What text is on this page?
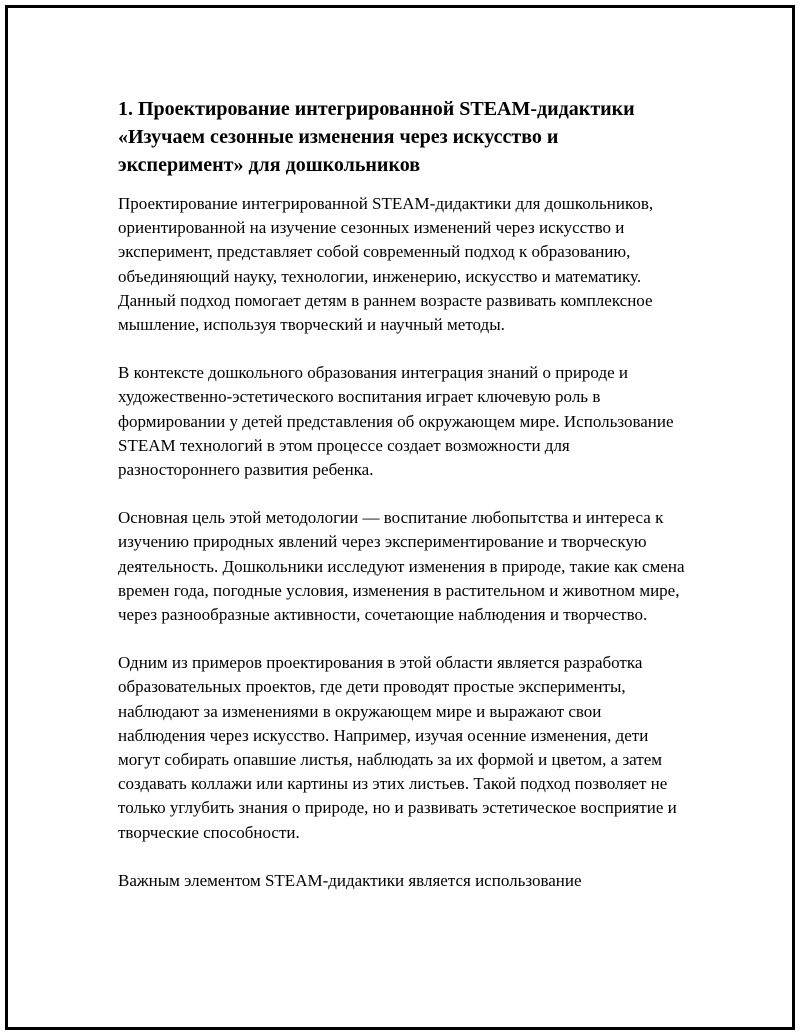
1. Проектирование интегрированной STEAM-дидактики «Изучаем сезонные изменения через искусство и эксперимент» для дошкольников

Проектирование интегрированной STEAM-дидактики для дошкольников, ориентированной на изучение сезонных изменений через искусство и эксперимент, представляет собой современный подход к образованию, объединяющий науку, технологии, инженерию, искусство и математику. Данный подход помогает детям в раннем возрасте развивать комплексное мышление, используя творческий и научный методы.

В контексте дошкольного образования интеграция знаний о природе и художественно-эстетического воспитания играет ключевую роль в формировании у детей представления об окружающем мире. Использование STEAM технологий в этом процессе создает возможности для разностороннего развития ребенка.

Основная цель этой методологии — воспитание любопытства и интереса к изучению природных явлений через экспериментирование и творческую деятельность. Дошкольники исследуют изменения в природе, такие как смена времен года, погодные условия, изменения в растительном и животном мире, через разнообразные активности, сочетающие наблюдения и творчество.

Одним из примеров проектирования в этой области является разработка образовательных проектов, где дети проводят простые эксперименты, наблюдают за изменениями в окружающем мире и выражают свои наблюдения через искусство. Например, изучая осенние изменения, дети могут собирать опавшие листья, наблюдать за их формой и цветом, а затем создавать коллажи или картины из этих листьев. Такой подход позволяет не только углубить знания о природе, но и развивать эстетическое восприятие и творческие способности.

Важным элементом STEAM-дидактики является использование
